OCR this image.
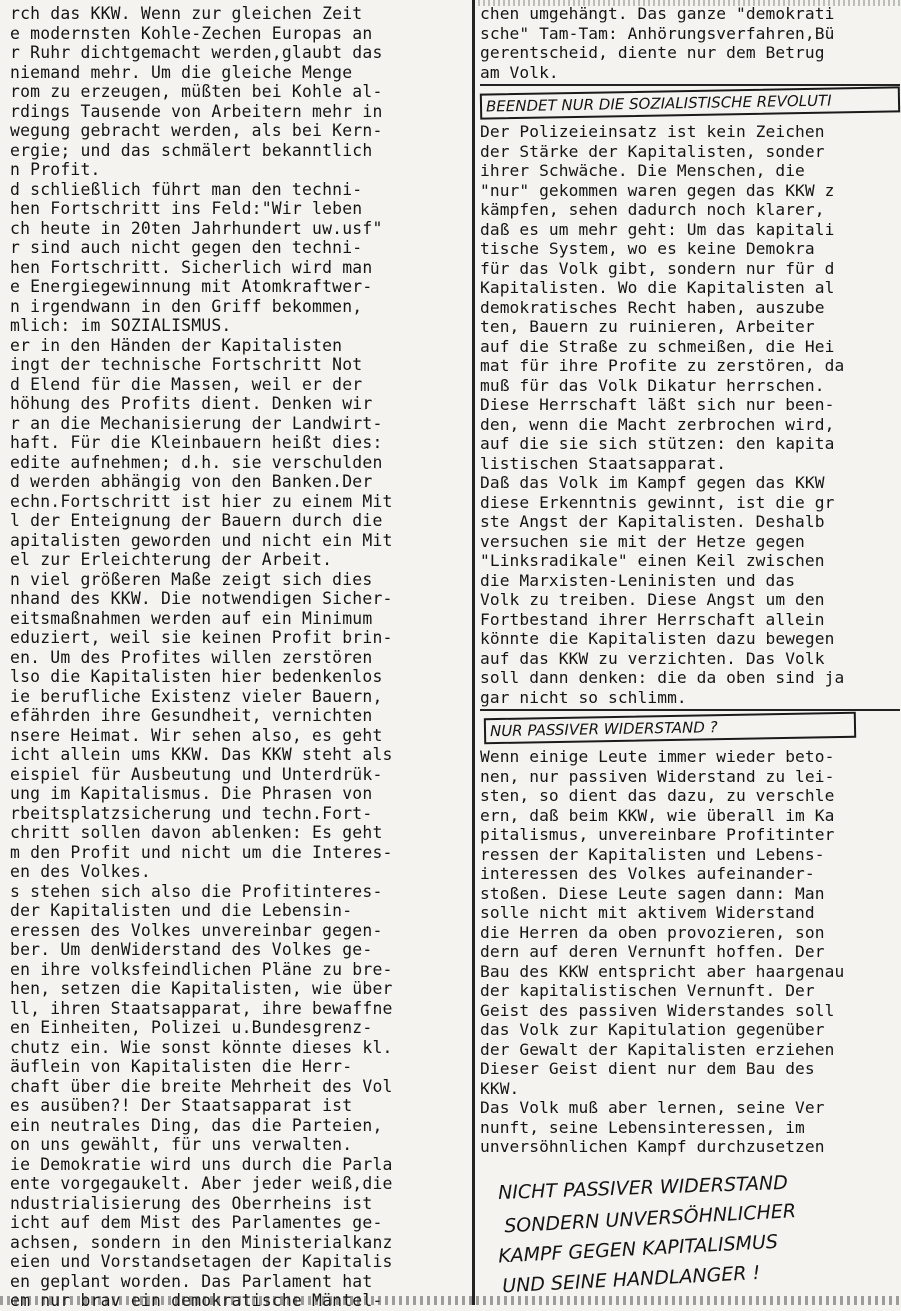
rch das KKW. Wenn zur gleichen Zeit
e modernsten Kohle-Zechen Europas an
r Ruhr dichtgemacht werden,glaubt das
niemand mehr. Um die gleiche Menge
rom zu erzeugen, müßten bei Kohle al-
rdings Tausende von Arbeitern mehr in
wegung gebracht werden, als bei Kern-
ergie; und das schmälert bekanntlich
n Profit.
d schließlich führt man den techni-
hen Fortschritt ins Feld:"Wir leben
ch heute in 20ten Jahrhundert uw.usf"
r sind auch nicht gegen den techni-
hen Fortschritt. Sicherlich wird man
e Energiegewinnung mit Atomkraftwer-
n irgendwann in den Griff bekommen,
mlich: im SOZIALISMUS.
er in den Händen der Kapitalisten
ingt der technische Fortschritt Not
d Elend für die Massen, weil er der
höhung des Profits dient. Denken wir
r an die Mechanisierung der Landwirt-
haft. Für die Kleinbauern heißt dies:
edite aufnehmen; d.h. sie verschulden
d werden abhängig von den Banken.Der
echn.Fortschritt ist hier zu einem Mit
l der Enteignung der Bauern durch die
apitalisten geworden und nicht ein Mit
el zur Erleichterung der Arbeit.
n viel größeren Maße zeigt sich dies
nhand des KKW. Die notwendigen Sicher-
eitsmaßnahmen werden auf ein Minimum
eduziert, weil sie keinen Profit brin-
en. Um des Profites willen zerstören
lso die Kapitalisten hier bedenkenlos
ie berufliche Existenz vieler Bauern,
efährden ihre Gesundheit, vernichten
nsere Heimat. Wir sehen also, es geht
icht allein ums KKW. Das KKW steht als
eispiel für Ausbeutung und Unterdrük-
ung im Kapitalismus. Die Phrasen von
rbeitsplatzsicherung und techn.Fort-
chritt sollen davon ablenken: Es geht
m den Profit und nicht um die Interes-
en des Volkes.
s stehen sich also die Profitinteres-
der Kapitalisten und die Lebensin-
eressen des Volkes unvereinbar gegen-
ber. Um denWiderstand des Volkes ge-
en ihre volksfeindlichen Pläne zu bre-
hen, setzen die Kapitalisten, wie über
ll, ihren Staatsapparat, ihre bewaffne
en Einheiten, Polizei u.Bundesgrenz-
chutz ein. Wie sonst könnte dieses kl.
äuflein von Kapitalisten die Herr-
chaft über die breite Mehrheit des Vol
es ausüben?! Der Staatsapparat ist
ein neutrales Ding, das die Parteien,
on uns gewählt, für uns verwalten.
ie Demokratie wird uns durch die Parla
ente vorgegaukelt. Aber jeder weiß,die
ndustrialisierung des Oberrheins ist
icht auf dem Mist des Parlamentes ge-
achsen, sondern in den Ministerialkanz
eien und Vorstandsetagen der Kapitalis
en geplant worden. Das Parlament hat
em nur brav ein demokratische Mäntel-
chen umgehängt. Das ganze "demokrati
sche" Tam-Tam: Anhörungsverfahren,Bü
gerentscheid, diente nur dem Betrug
am Volk.
BEENDET NUR DIE SOZIALISTISCHE REVOLUTI
Der Polizeieinsatz ist kein Zeichen
der Stärke der Kapitalisten, sonder
ihrer Schwäche. Die Menschen, die
"nur" gekommen waren gegen das KKW z
kämpfen, sehen dadurch noch klarer,
daß es um mehr geht: Um das kapitali
tische System, wo es keine Demokra
für das Volk gibt, sondern nur für d
Kapitalisten. Wo die Kapitalisten al
demokratisches Recht haben, auszube
ten, Bauern zu ruinieren, Arbeiter
auf die Straße zu schmeißen, die Hei
mat für ihre Profite zu zerstören, da
muß für das Volk Dikatur herrschen.
Diese Herrschaft läßt sich nur been-
den, wenn die Macht zerbrochen wird,
auf die sie sich stützen: den kapita
listischen Staatsapparat.
Daß das Volk im Kampf gegen das KKW
diese Erkenntnis gewinnt, ist die gr
ste Angst der Kapitalisten. Deshalb
versuchen sie mit der Hetze gegen
"Linksradikale" einen Keil zwischen
die Marxisten-Leninisten und das
Volk zu treiben. Diese Angst um den
Fortbestand ihrer Herrschaft allein
könnte die Kapitalisten dazu bewegen
auf das KKW zu verzichten. Das Volk
soll dann denken: die da oben sind ja
gar nicht so schlimm.
NUR PASSIVER WIDERSTAND ?
Wenn einige Leute immer wieder beto-
nen, nur passiven Widerstand zu lei-
sten, so dient das dazu, zu verschle
ern, daß beim KKW, wie überall im Ka
pitalismus, unvereinbare Profitinter
ressen der Kapitalisten und Lebens-
interessen des Volkes aufeinander-
stoßen. Diese Leute sagen dann: Man
solle nicht mit aktivem Widerstand
die Herren da oben provozieren, son
dern auf deren Vernunft hoffen. Der
Bau des KKW entspricht aber haargenau
der kapitalistischen Vernunft. Der
Geist des passiven Widerstandes soll
das Volk zur Kapitulation gegenüber
der Gewalt der Kapitalisten erziehen
Dieser Geist dient nur dem Bau des
KKW.
Das Volk muß aber lernen, seine Ver
nunft, seine Lebensinteressen, im
unversöhnlichen Kampf durchzusetzen
NICHT PASSIVER WIDERSTAND
SONDERN UNVERSÖHNLICHER
KAMPF GEGEN KAPITALISMUS
UND SEINE HANDLANGER !
